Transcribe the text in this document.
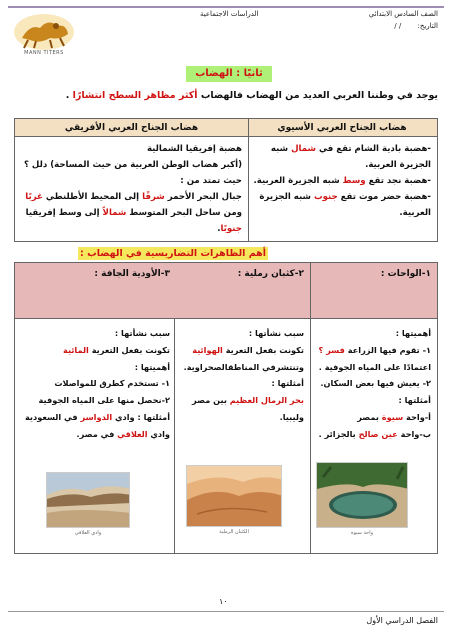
MANN TITERS
الصف السادس الابتدائي
الدراسات الاجتماعية
التاريخ: / /
ثانيًا : الهضاب
يوجد في وطننا العربي العديد من الهضاب فالهضاب أكثر مظاهر السطح انتشارًا .
هضاب الجناح العربي الأسيوي
-هضبة بادية الشام تقع في شمال شبه
الجزيرة العربية.
-هضبة نجد تقع وسط شبه الجزيرة العربية.
-هضبة حضر موت تقع جنوب شبه الجزيرة
العربية.
هضاب الجناح العربي الأفريقي
هضبة إفريقيا الشمالية
(أكبر هضاب الوطن العربية من حيث المساحة) دلل ؟
حيث تمتد من :
جبال البحر الأحمر شرقًا إلى المحيط الأطلنطي غربًا
ومن ساحل البحر المتوسط شمالاً إلى وسط إفريقيا جنوبًا.
أهم الظاهرات التضاريسية في الهضاب :
١-الواحات :
أهميتها :
١- تقوم فيها الزراعة فسر ؟
اعتمادًا على المياه الجوفية .
٢- يعيش فيها بعض السكان.
أمثلتها :
أ-واحة سيوة بمصر
ب-واحة عين صالح بالجزائر .
٢-كثبان رملية :
سبب نشأتها :
تكونت بفعل التعرية الهوائية
وتنتشرفي المناطقالصحراوية.
أمثلتها :
بحر الرمال العظيم بين مصر
وليبيا.
٣-الأودية الجافة :
سبب نشأتها :
تكونت بفعل التعرية المائية
أهميتها :
١- تستخدم كطرق للمواصلات
٢-نحصل منها على المياه الجوفية
أمثلتها : وادي الدواسر في السعودية
وادي العلاقي في مصر.
وادي العلاقي	الكثبان الرملية	واحة سيوة
١٠
الفصل الدراسي الأول
